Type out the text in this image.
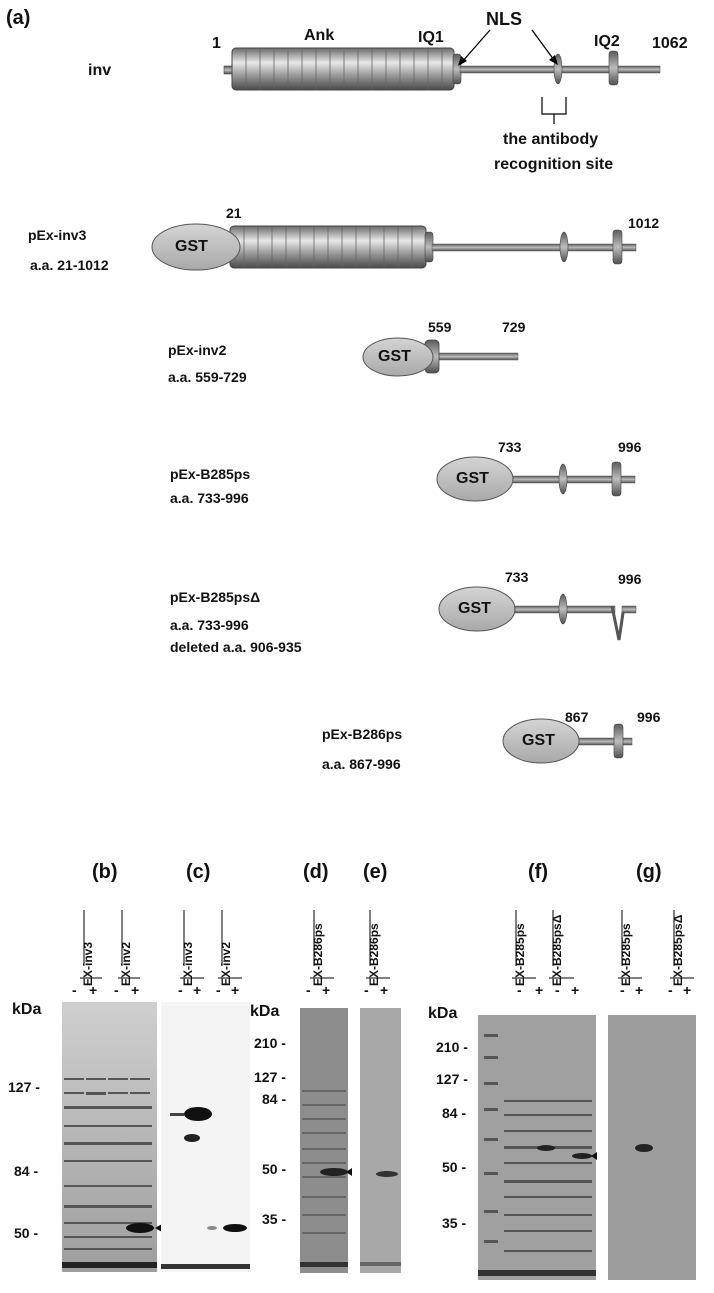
(a)
inv
1	Ank	IQ1
NLS
IQ2 1062
the antibody
recognition site
pEx-inv3
a.a. 21-1012
GST
21
1012
pEx-inv2
a.a. 559-729
GST
559	729
pEx-B285ps
a.a. 733-996
GST
733	996
pEx-B285psΔ
a.a. 733-996
deleted a.a. 906-935
GST
733	996
pEx-B286ps
a.a. 867-996
GST
867	996
(b)	(c)	(d) (e)	(f)	(g)
EX-inv3 EX-inv2	EX-inv3 EX-inv2	EX-B286ps	EX-B286ps	EX-B285ps EX-B285psΔ	EX-B285ps	EX-B285psΔ
- + - +	- + - +	- + - +	- + - +	- + - +
kDa
127 -
84 -
50 -
kDa
210 -
127 -
84 -
50 -
35 -
kDa
210 -
127 -
84 -
50 -
35 -
